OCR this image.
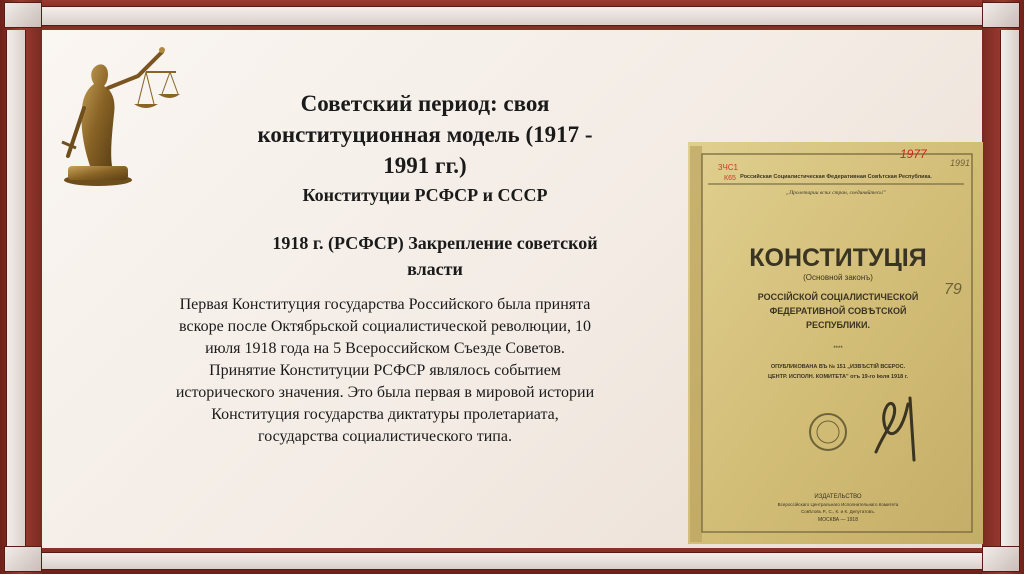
Советский период: своя
конституционная модель (1917 -
1991 гг.)
Конституции РСФСР и СССР
1918 г. (РСФСР) Закрепление советской
власти
Первая Конституция государства Российского была принята
вскоре после Октябрьской социалистической революции, 10
июля 1918 года на 5 Всероссийском Съезде Советов.
Принятие Конституции РСФСР являлось событием
исторического значения. Это была первая в мировой истории
Конституция государства диктатуры пролетариата,
государства социалистического типа.
3ЧС1
К65
1977
1991
Российская Социалистическая Федеративная Совѣтская Республика.
„Пролетарии всѣх стран, соединяйтесь!"
КОНСТИТУЦІЯ
(Основной законъ)
РОССІЙСКОЙ СОЦІАЛИСТИЧЕСКОЙ
ФЕДЕРАТИВНОЙ СОВѢТСКОЙ
РЕСПУБЛИКИ.
****
79
ОПУБЛИКОВАНА ВЪ № 151 „ИЗВѢСТІЙ ВСЕРОС.
ЦЕНТР. ИСПОЛН. КОМИТЕТА" отъ 19-го Іюля 1918 г.
ИЗДАТЕЛЬСТВО
Всероссійскаго Центральнаго Исполнительнаго Комитета
Совѣтовъ Р., С., К. и К. Депутатовъ.
МОСКВА — 1918
